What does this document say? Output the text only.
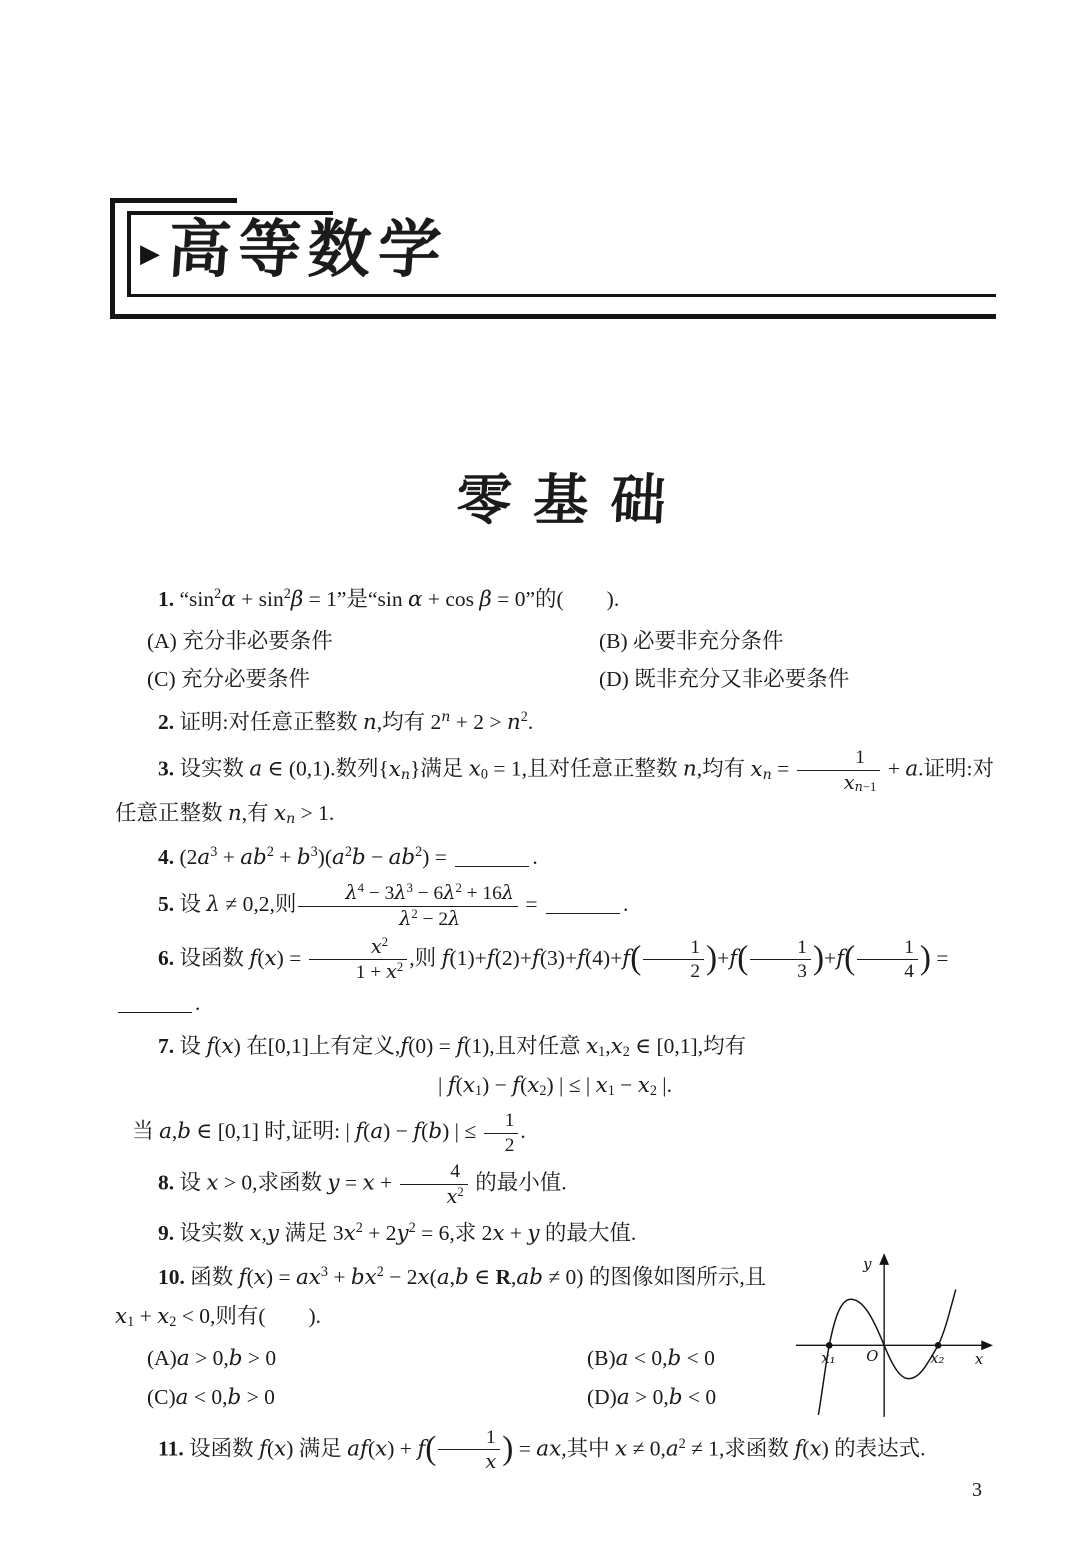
▶ 高等数学
零基础

1. “$\sin^2\alpha + \sin^2\beta = 1$”是“sin α + cos β = 0”的(　　).

(A) 充分非必要条件	(B) 必要非充分条件
(C) 充分必要条件	(D) 既非充分又非必要条件

2. 证明:对任意正整数 n,均有 $2^n + 2 > n^2$.

3. 设实数 a ∈ (0,1).数列$\{x_n\}$满足 $x_0 = 1$,且对任意正整数 n,均有 $x_n = \frac{1}{x_{n-1}} + a$.证明:对任意正整数 n,有 $x_n > 1$.

4. $(2a^3 + ab^2 + b^3)(a^2b - ab^2)$ =	.

5. 设 λ ≠ 0,2,则 $\frac{\lambda^4 - 3\lambda^3 - 6\lambda^2 + 16\lambda}{\lambda^2 - 2\lambda}$ =	.

6. 设函数 $f(x) = \frac{x^2}{1 + x^2}$ ,则 $f(1)+f(2)+f(3)+f(4)+f( \frac{1}{2} )+f( \frac{1}{3} )+f( \frac{1}{4}$ ) = .

7. 设 f(x) 在[0,1]上有定义,f(0) = f(1),且对任意 $x_1,x_2$ ∈ [0,1],均有

| $f(x_1) - f(x_2)$ | ≤ | $x_1 - x_2$ |.

当 a,b ∈ [0,1] 时,证明: | f(a) − f(b) | ≤ $\frac{1}{2}$ .

8. 设 x > 0,求函数 $y = x + \frac{4}{x^2}$ 的最小值.

9. 设实数 x,y 满足 $3x^2 + 2y^2 = 6$,求 2x + y 的最大值.

10. 函数 $f(x) = ax^3 + bx^2 - 2x(a,b$ ∈ R,ab ≠ 0) 的图像如图所示,且 $x_1 + x_2 < 0$,则有(　　).

(A)a > 0,b > 0	(B)a < 0,b < 0
(C)a < 0,b > 0	(D)a > 0,b < 0
y
x
O
x₁	x₂

11. 设函数 f(x) 满足 $af(x) + f( \frac{1}{x}$ ) = ax,其中 $x \ne 0,a^2 \ne 1$,求函数 f(x) 的表达式.

3
